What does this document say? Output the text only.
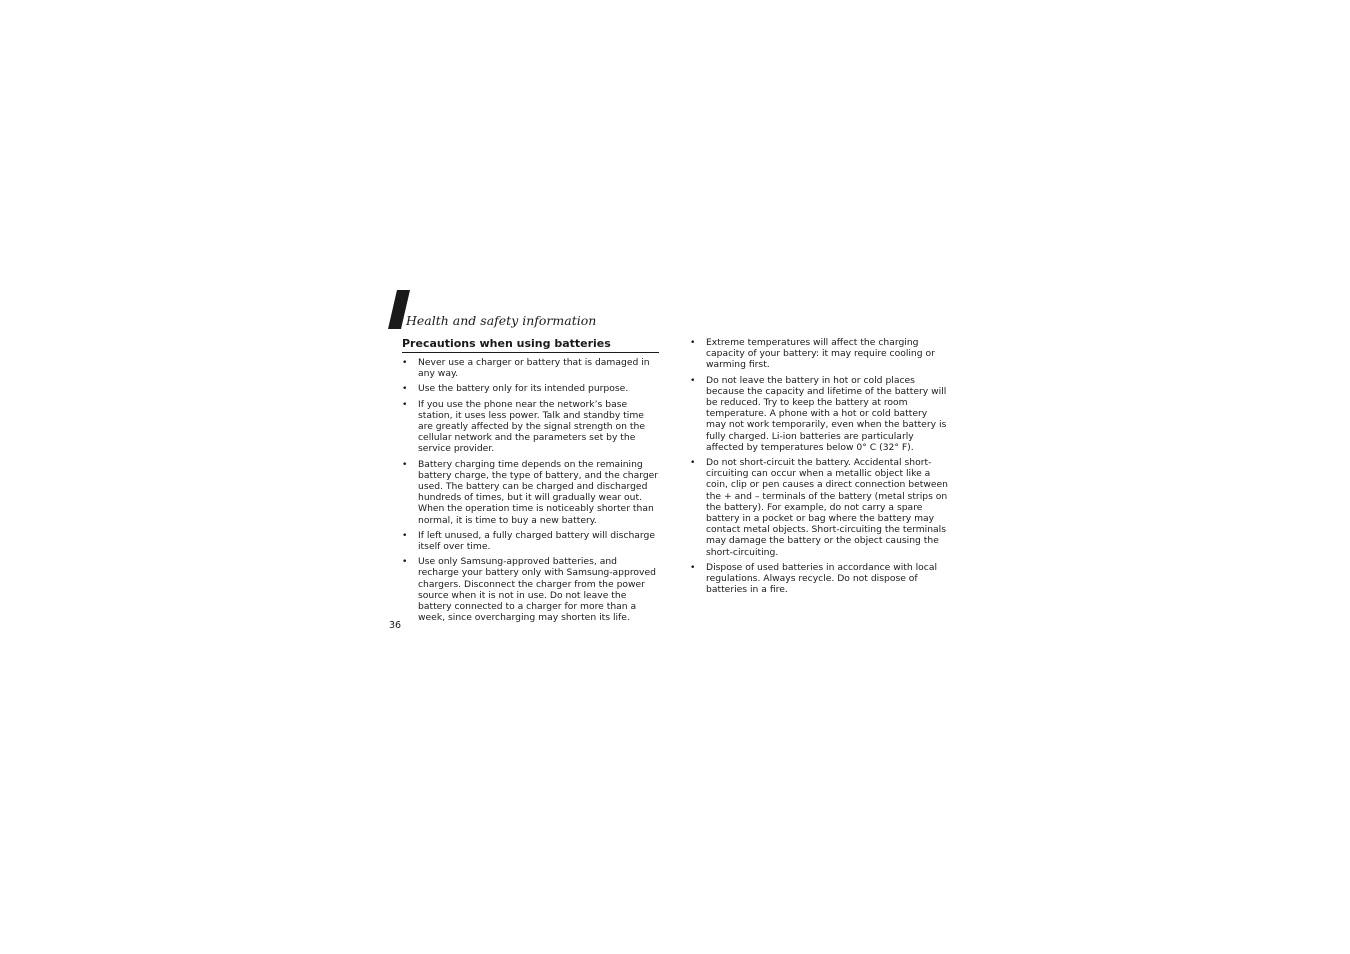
Health and safety information
Precautions when using batteries
• Never use a charger or battery that is damaged in any way.
• Use the battery only for its intended purpose.
• If you use the phone near the network’s base station, it uses less power. Talk and standby time are greatly affected by the signal strength on the cellular network and the parameters set by the service provider.
• Battery charging time depends on the remaining battery charge, the type of battery, and the charger used. The battery can be charged and discharged hundreds of times, but it will gradually wear out. When the operation time is noticeably shorter than normal, it is time to buy a new battery.
• If left unused, a fully charged battery will discharge itself over time.
• Use only Samsung-approved batteries, and recharge your battery only with Samsung-approved chargers. Disconnect the charger from the power source when it is not in use. Do not leave the battery connected to a charger for more than a week, since overcharging may shorten its life.
• Extreme temperatures will affect the charging capacity of your battery: it may require cooling or warming first.
• Do not leave the battery in hot or cold places because the capacity and lifetime of the battery will be reduced. Try to keep the battery at room temperature. A phone with a hot or cold battery may not work temporarily, even when the battery is fully charged. Li-ion batteries are particularly affected by temperatures below 0° C (32° F).
• Do not short-circuit the battery. Accidental short-circuiting can occur when a metallic object like a coin, clip or pen causes a direct connection between the + and – terminals of the battery (metal strips on the battery). For example, do not carry a spare battery in a pocket or bag where the battery may contact metal objects. Short-circuiting the terminals may damage the battery or the object causing the short-circuiting.
• Dispose of used batteries in accordance with local regulations. Always recycle. Do not dispose of batteries in a fire.
36
